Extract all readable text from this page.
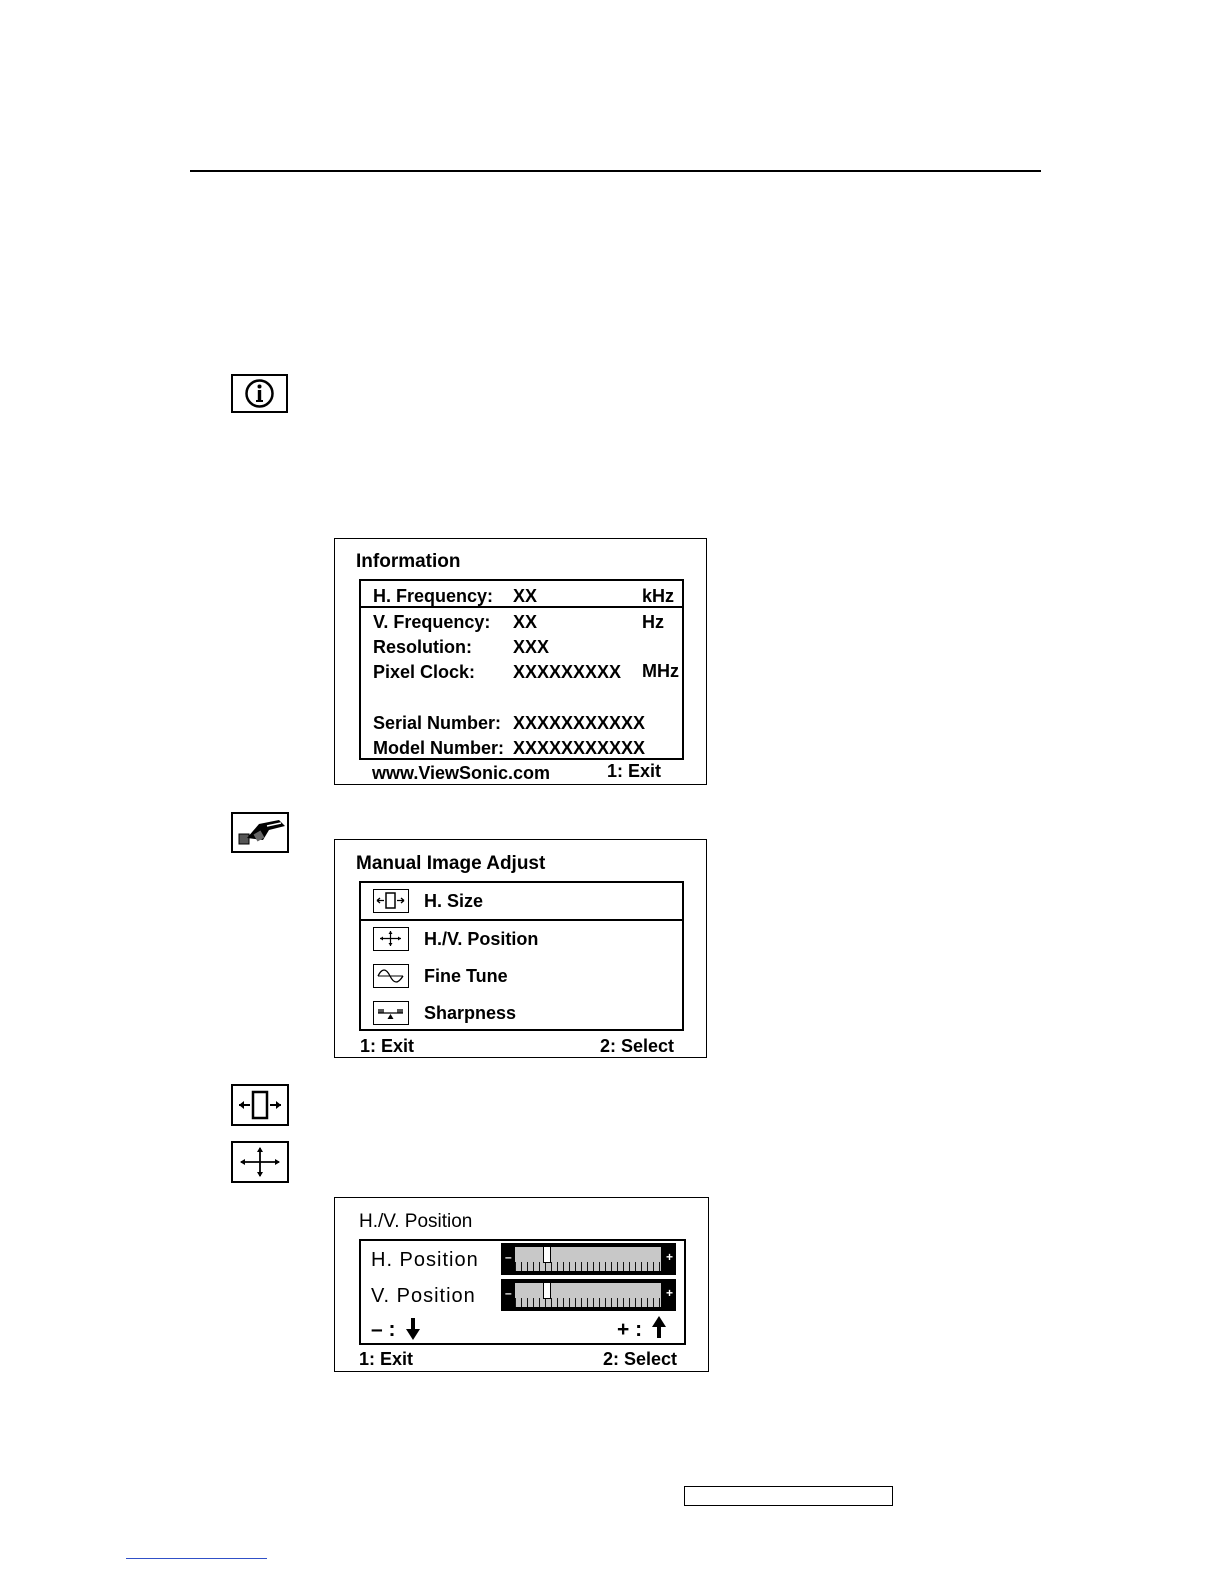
Information
H. Frequency: XX	kHz
V. Frequency: XX	Hz
Resolution: XXX
Pixel Clock: XXXXXXXXX MHz
Serial Number: XXXXXXXXXXX
Model Number: XXXXXXXXXXX
www.ViewSonic.com	1: Exit
Manual Image Adjust
H. Size
H./V. Position
Fine Tune
Sharpness
1: Exit	2: Select
H./V. Position
H. Position –	+
V. Position –	+
– :	+ :
1: Exit	2: Select
